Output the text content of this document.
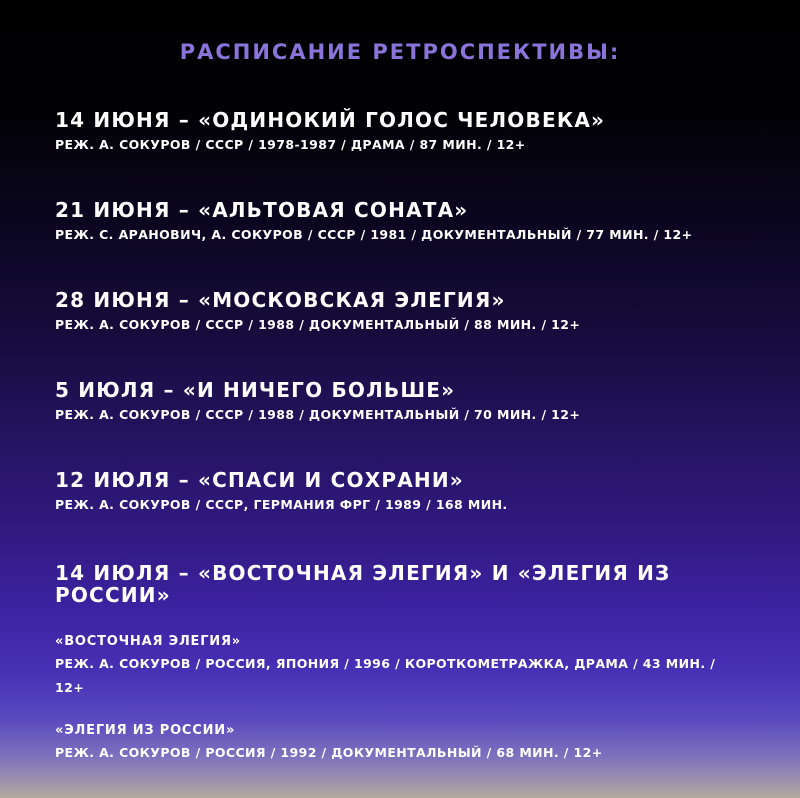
РАСПИСАНИЕ РЕТРОСПЕКТИВЫ:
14 ИЮНЯ – «ОДИНОКИЙ ГОЛОС ЧЕЛОВЕКА»
РЕЖ. А. СОКУРОВ / СССР / 1978-1987 / ДРАМА / 87 МИН. / 12+
21 ИЮНЯ – «АЛЬТОВАЯ СОНАТА»
РЕЖ. С. АРАНОВИЧ, А. СОКУРОВ / СССР / 1981 / ДОКУМЕНТАЛЬНЫЙ / 77 МИН. / 12+
28 ИЮНЯ – «МОСКОВСКАЯ ЭЛЕГИЯ»
РЕЖ. А. СОКУРОВ / СССР / 1988 / ДОКУМЕНТАЛЬНЫЙ / 88 МИН. / 12+
5 ИЮЛЯ – «И НИЧЕГО БОЛЬШЕ»
РЕЖ. А. СОКУРОВ / СССР / 1988 / ДОКУМЕНТАЛЬНЫЙ / 70 МИН. / 12+
12 ИЮЛЯ – «СПАСИ И СОХРАНИ»
РЕЖ. А. СОКУРОВ / СССР, ГЕРМАНИЯ ФРГ / 1989 / 168 МИН.
14 ИЮЛЯ – «ВОСТОЧНАЯ ЭЛЕГИЯ» И «ЭЛЕГИЯ ИЗ РОССИИ»
«ВОСТОЧНАЯ ЭЛЕГИЯ»
РЕЖ. А. СОКУРОВ / РОССИЯ, ЯПОНИЯ / 1996 / КОРОТКОМЕТРАЖКА, ДРАМА / 43 МИН. / 12+
«ЭЛЕГИЯ ИЗ РОССИИ»
РЕЖ. А. СОКУРОВ / РОССИЯ / 1992 / ДОКУМЕНТАЛЬНЫЙ / 68 МИН. / 12+
